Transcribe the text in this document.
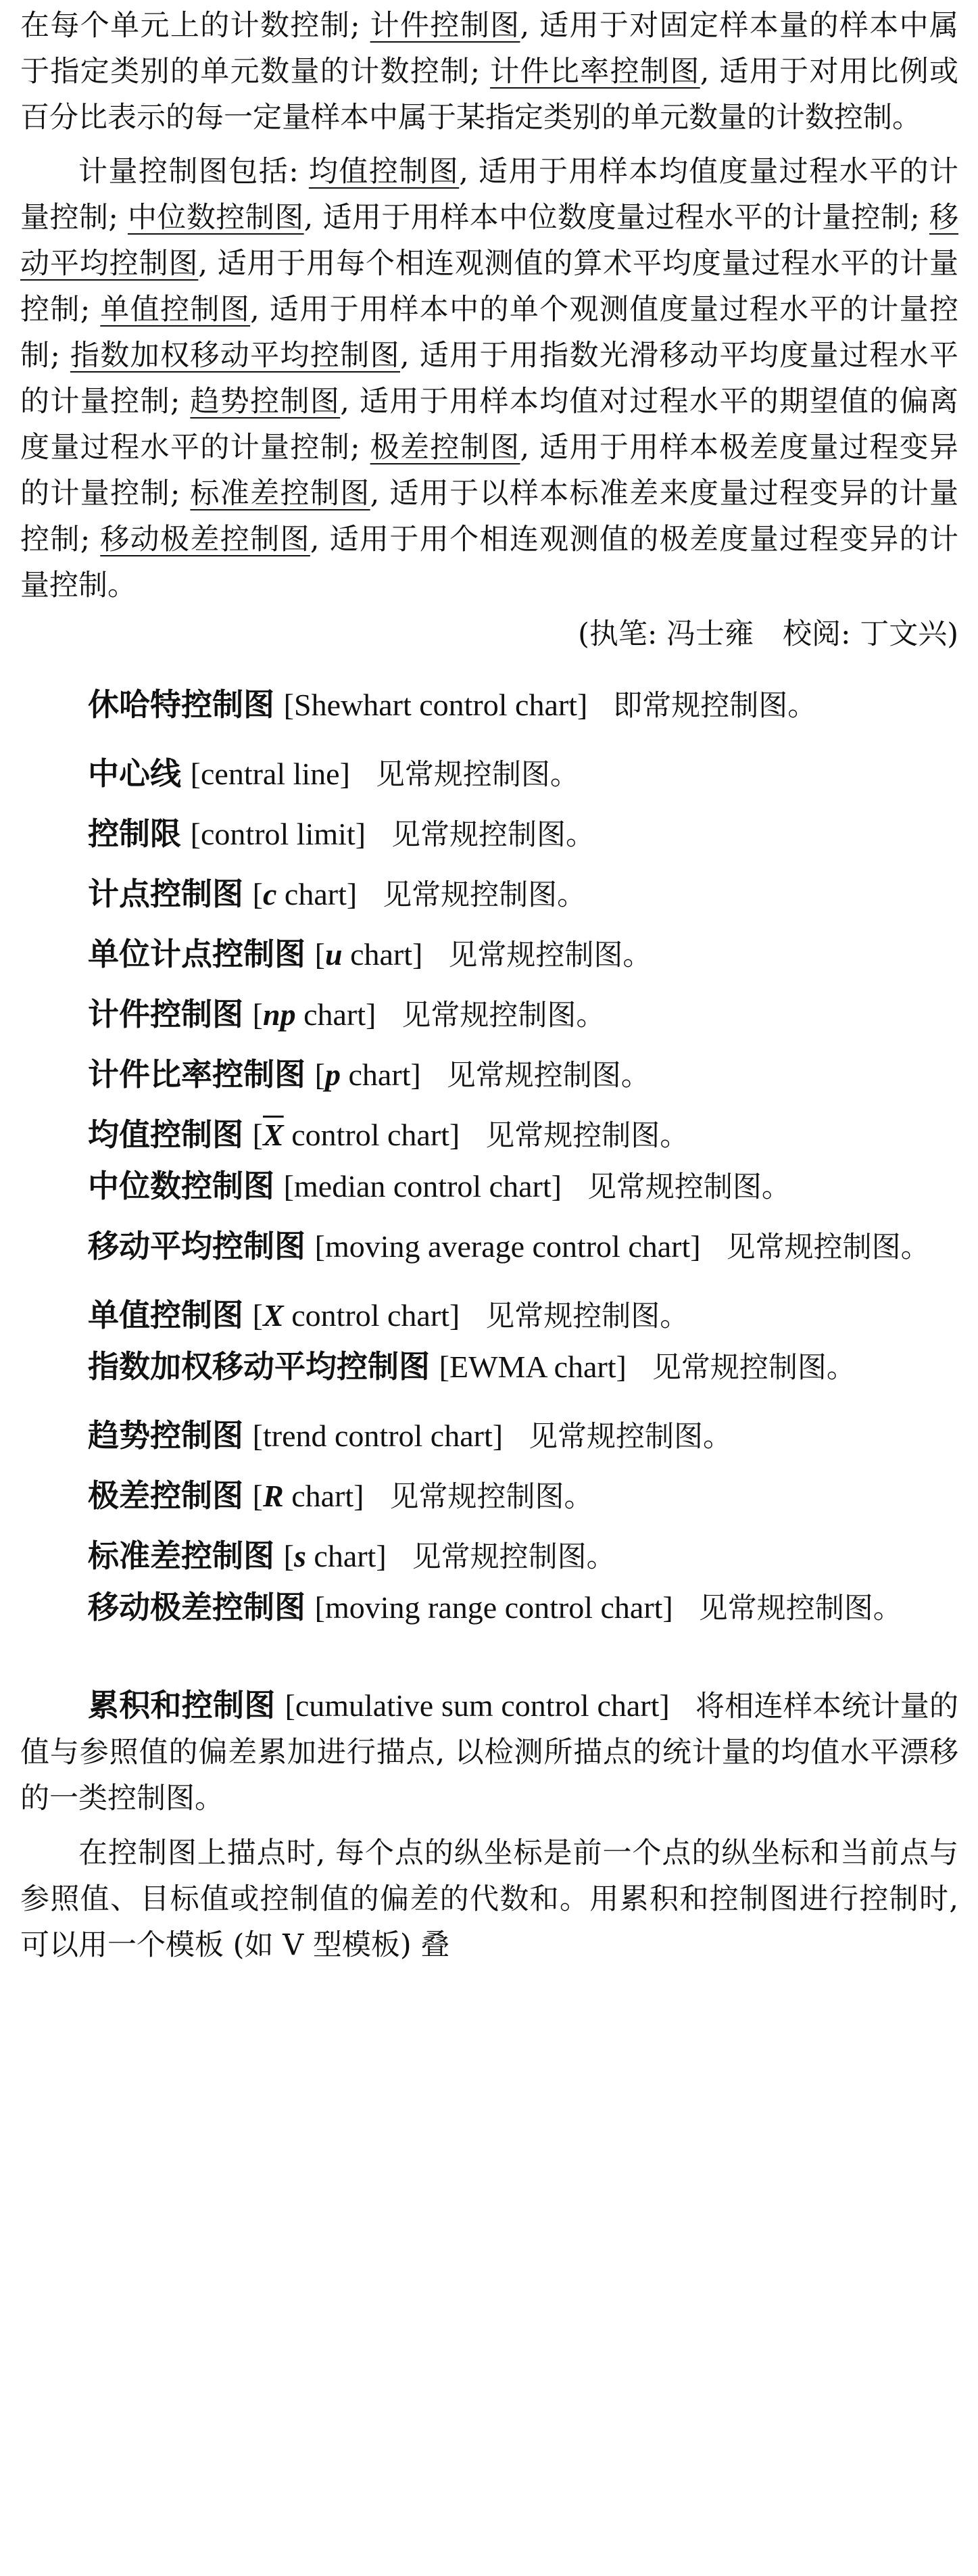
在每个单元上的计数控制; 计件控制图, 适用于对固定样本量的样本中属于指定类别的单元数量的计数控制; 计件比率控制图, 适用于对用比例或百分比表示的每一定量样本中属于某指定类别的单元数量的计数控制。

计量控制图包括: 均值控制图, 适用于用样本均值度量过程水平的计量控制; 中位数控制图, 适用于用样本中位数度量过程水平的计量控制; 移动平均控制图, 适用于用每个相连观测值的算术平均度量过程水平的计量控制; 单值控制图, 适用于用样本中的单个观测值度量过程水平的计量控制; 指数加权移动平均控制图, 适用于用指数光滑移动平均度量过程水平的计量控制; 趋势控制图, 适用于用样本均值对过程水平的期望值的偏离度量过程水平的计量控制; 极差控制图, 适用于用样本极差度量过程变异的计量控制; 标准差控制图, 适用于以样本标准差来度量过程变异的计量控制; 移动极差控制图, 适用于用个相连观测值的极差度量过程变异的计量控制。

(执笔: 冯士雍　校阅: 丁文兴)

休哈特控制图 [Shewhart control chart] 即常规控制图。

中心线 [central line] 见常规控制图。

控制限 [control limit] 见常规控制图。

计点控制图 [c chart] 见常规控制图。

单位计点控制图 [u chart] 见常规控制图。

计件控制图 [np chart] 见常规控制图。

计件比率控制图 [p chart] 见常规控制图。

均值控制图 [$\overline{X}$ control chart] 见常规控制图。

中位数控制图 [median control chart] 见常规控制图。

移动平均控制图 [moving average control chart] 见常规控制图。

单值控制图 [X control chart] 见常规控制图。

指数加权移动平均控制图 [EWMA chart] 见常规控制图。

趋势控制图 [trend control chart] 见常规控制图。

极差控制图 [R chart] 见常规控制图。

标准差控制图 [s chart] 见常规控制图。

移动极差控制图 [moving range control chart] 见常规控制图。

累积和控制图 [cumulative sum control chart] 将相连样本统计量的值与参照值的偏差累加进行描点, 以检测所描点的统计量的均值水平漂移的一类控制图。

在控制图上描点时, 每个点的纵坐标是前一个点的纵坐标和当前点与参照值、目标值或控制值的偏差的代数和。用累积和控制图进行控制时, 可以用一个模板 (如 V 型模板) 叠
